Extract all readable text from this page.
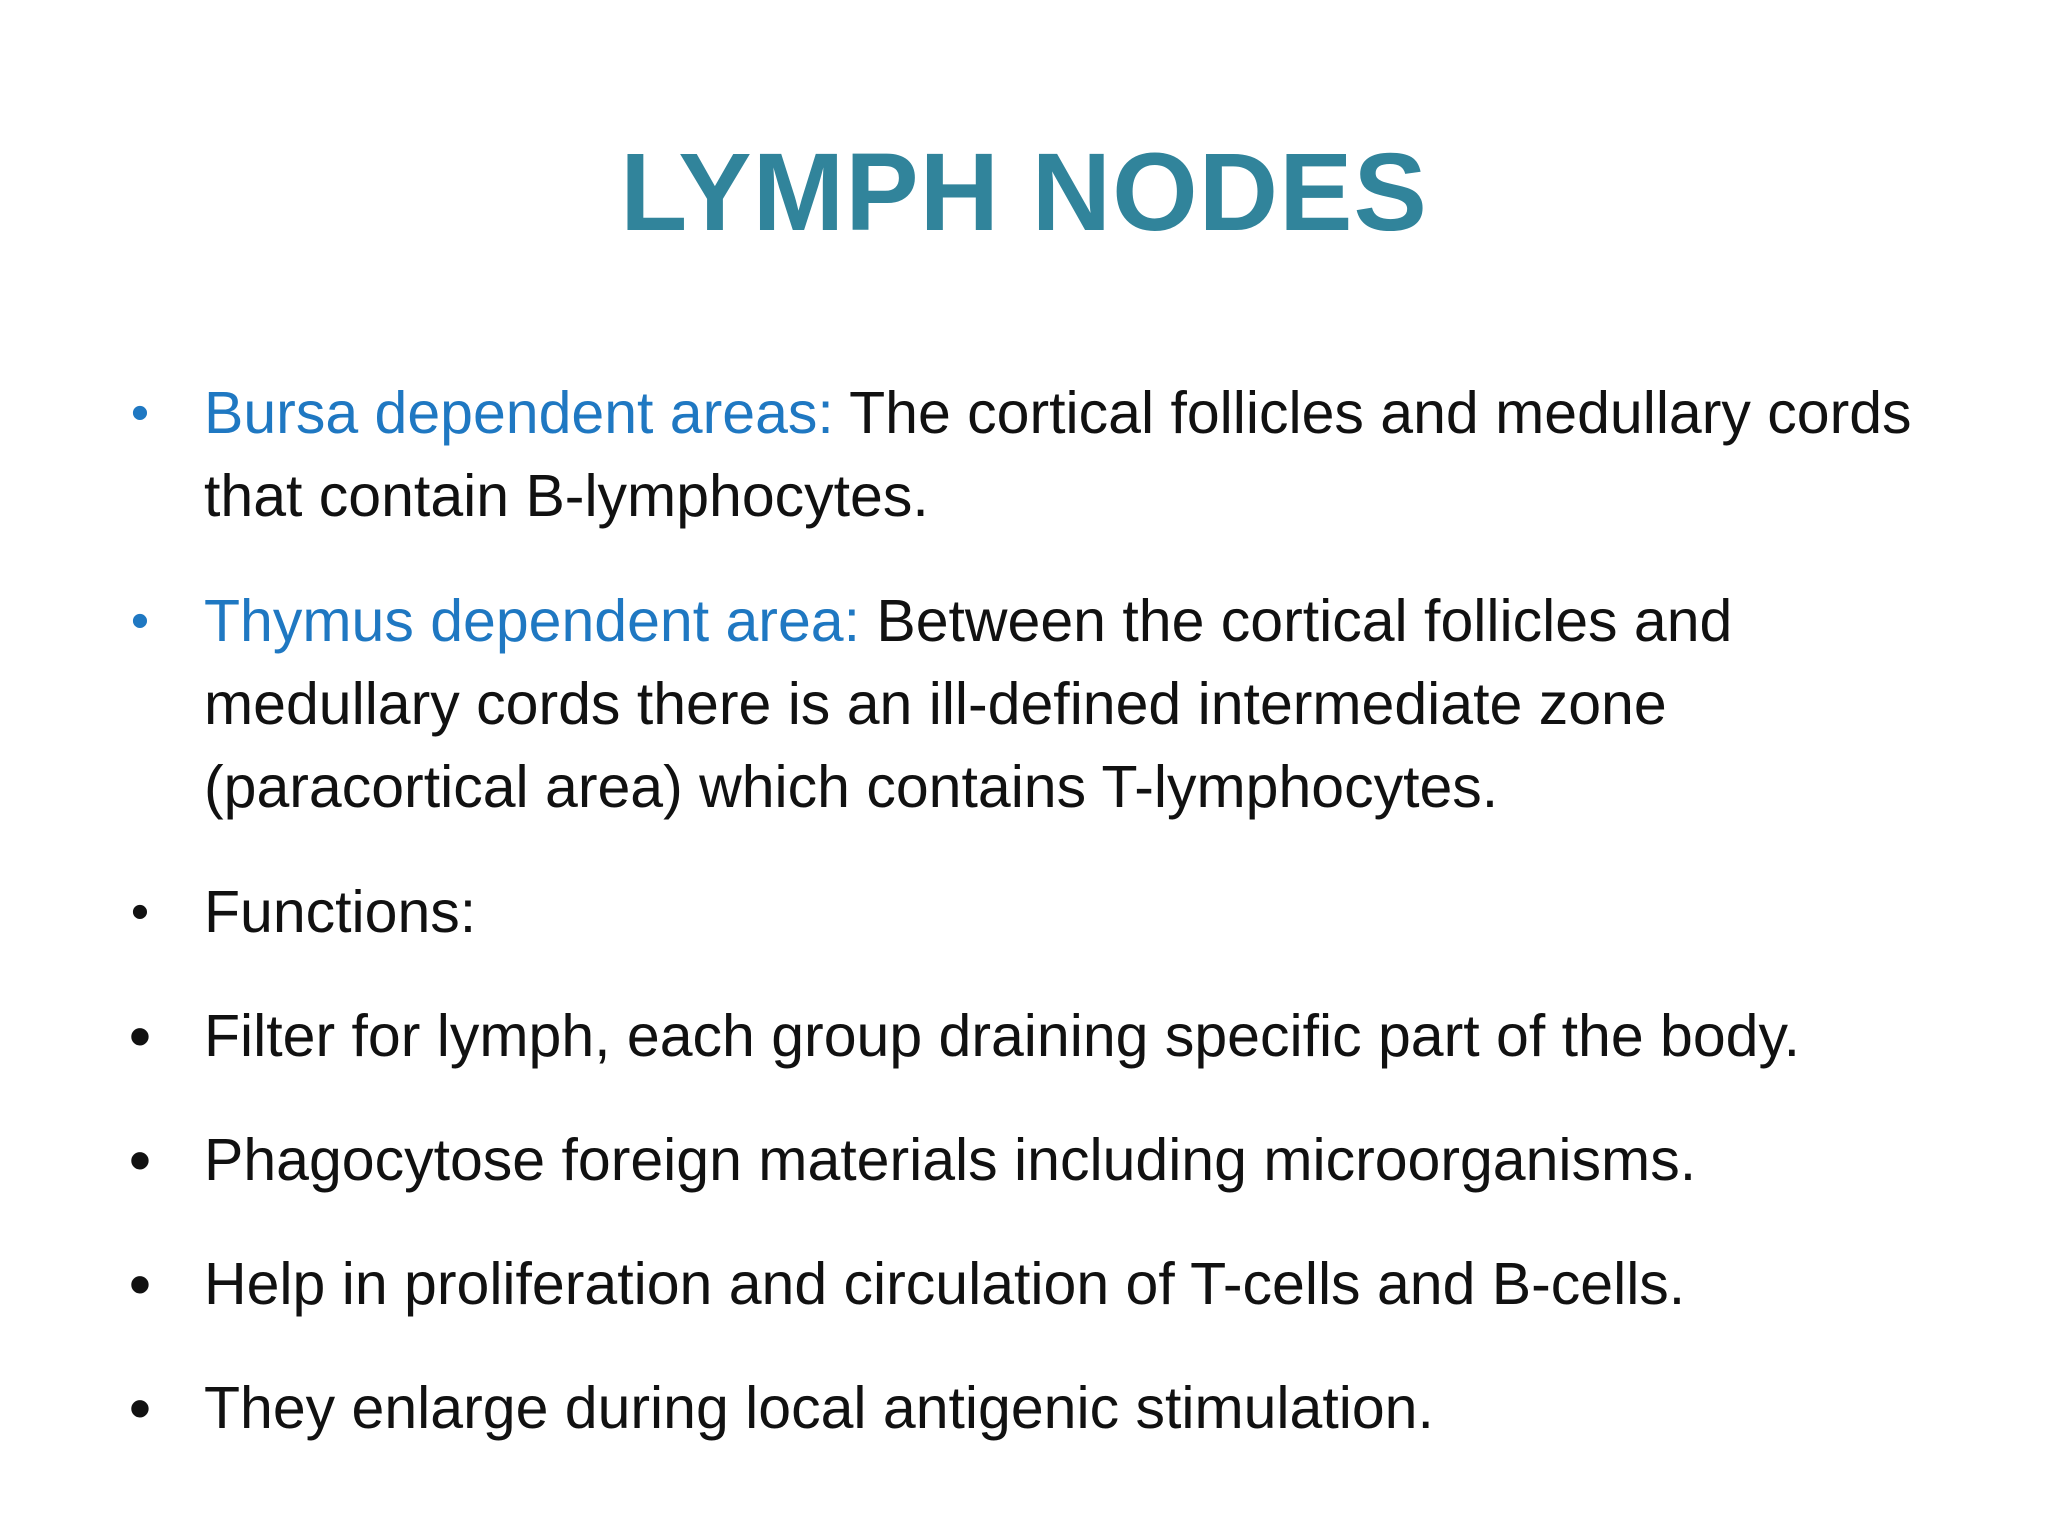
LYMPH NODES
• Bursa dependent areas: The cortical follicles and medullary cords that contain B-lymphocytes.
• Thymus dependent area: Between the cortical follicles and medullary cords there is an ill-defined intermediate zone (paracortical area) which contains T-lymphocytes.
• Functions:
• Filter for lymph, each group draining specific part of the body.
• Phagocytose foreign materials including microorganisms.
• Help in proliferation and circulation of T-cells and B-cells.
• They enlarge during local antigenic stimulation.
